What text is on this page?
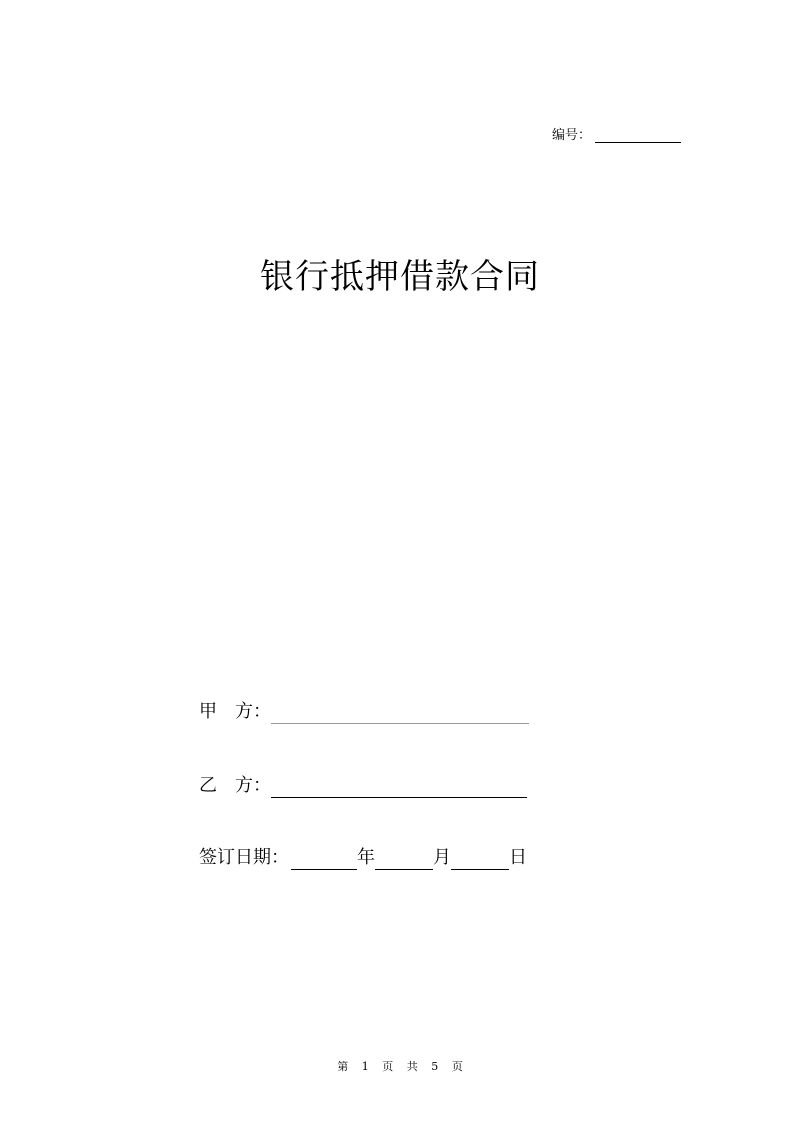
编号：
银行抵押借款合同
甲　方：
乙　方：
签订日期：	年	月	日
第 1 页 共 5 页
